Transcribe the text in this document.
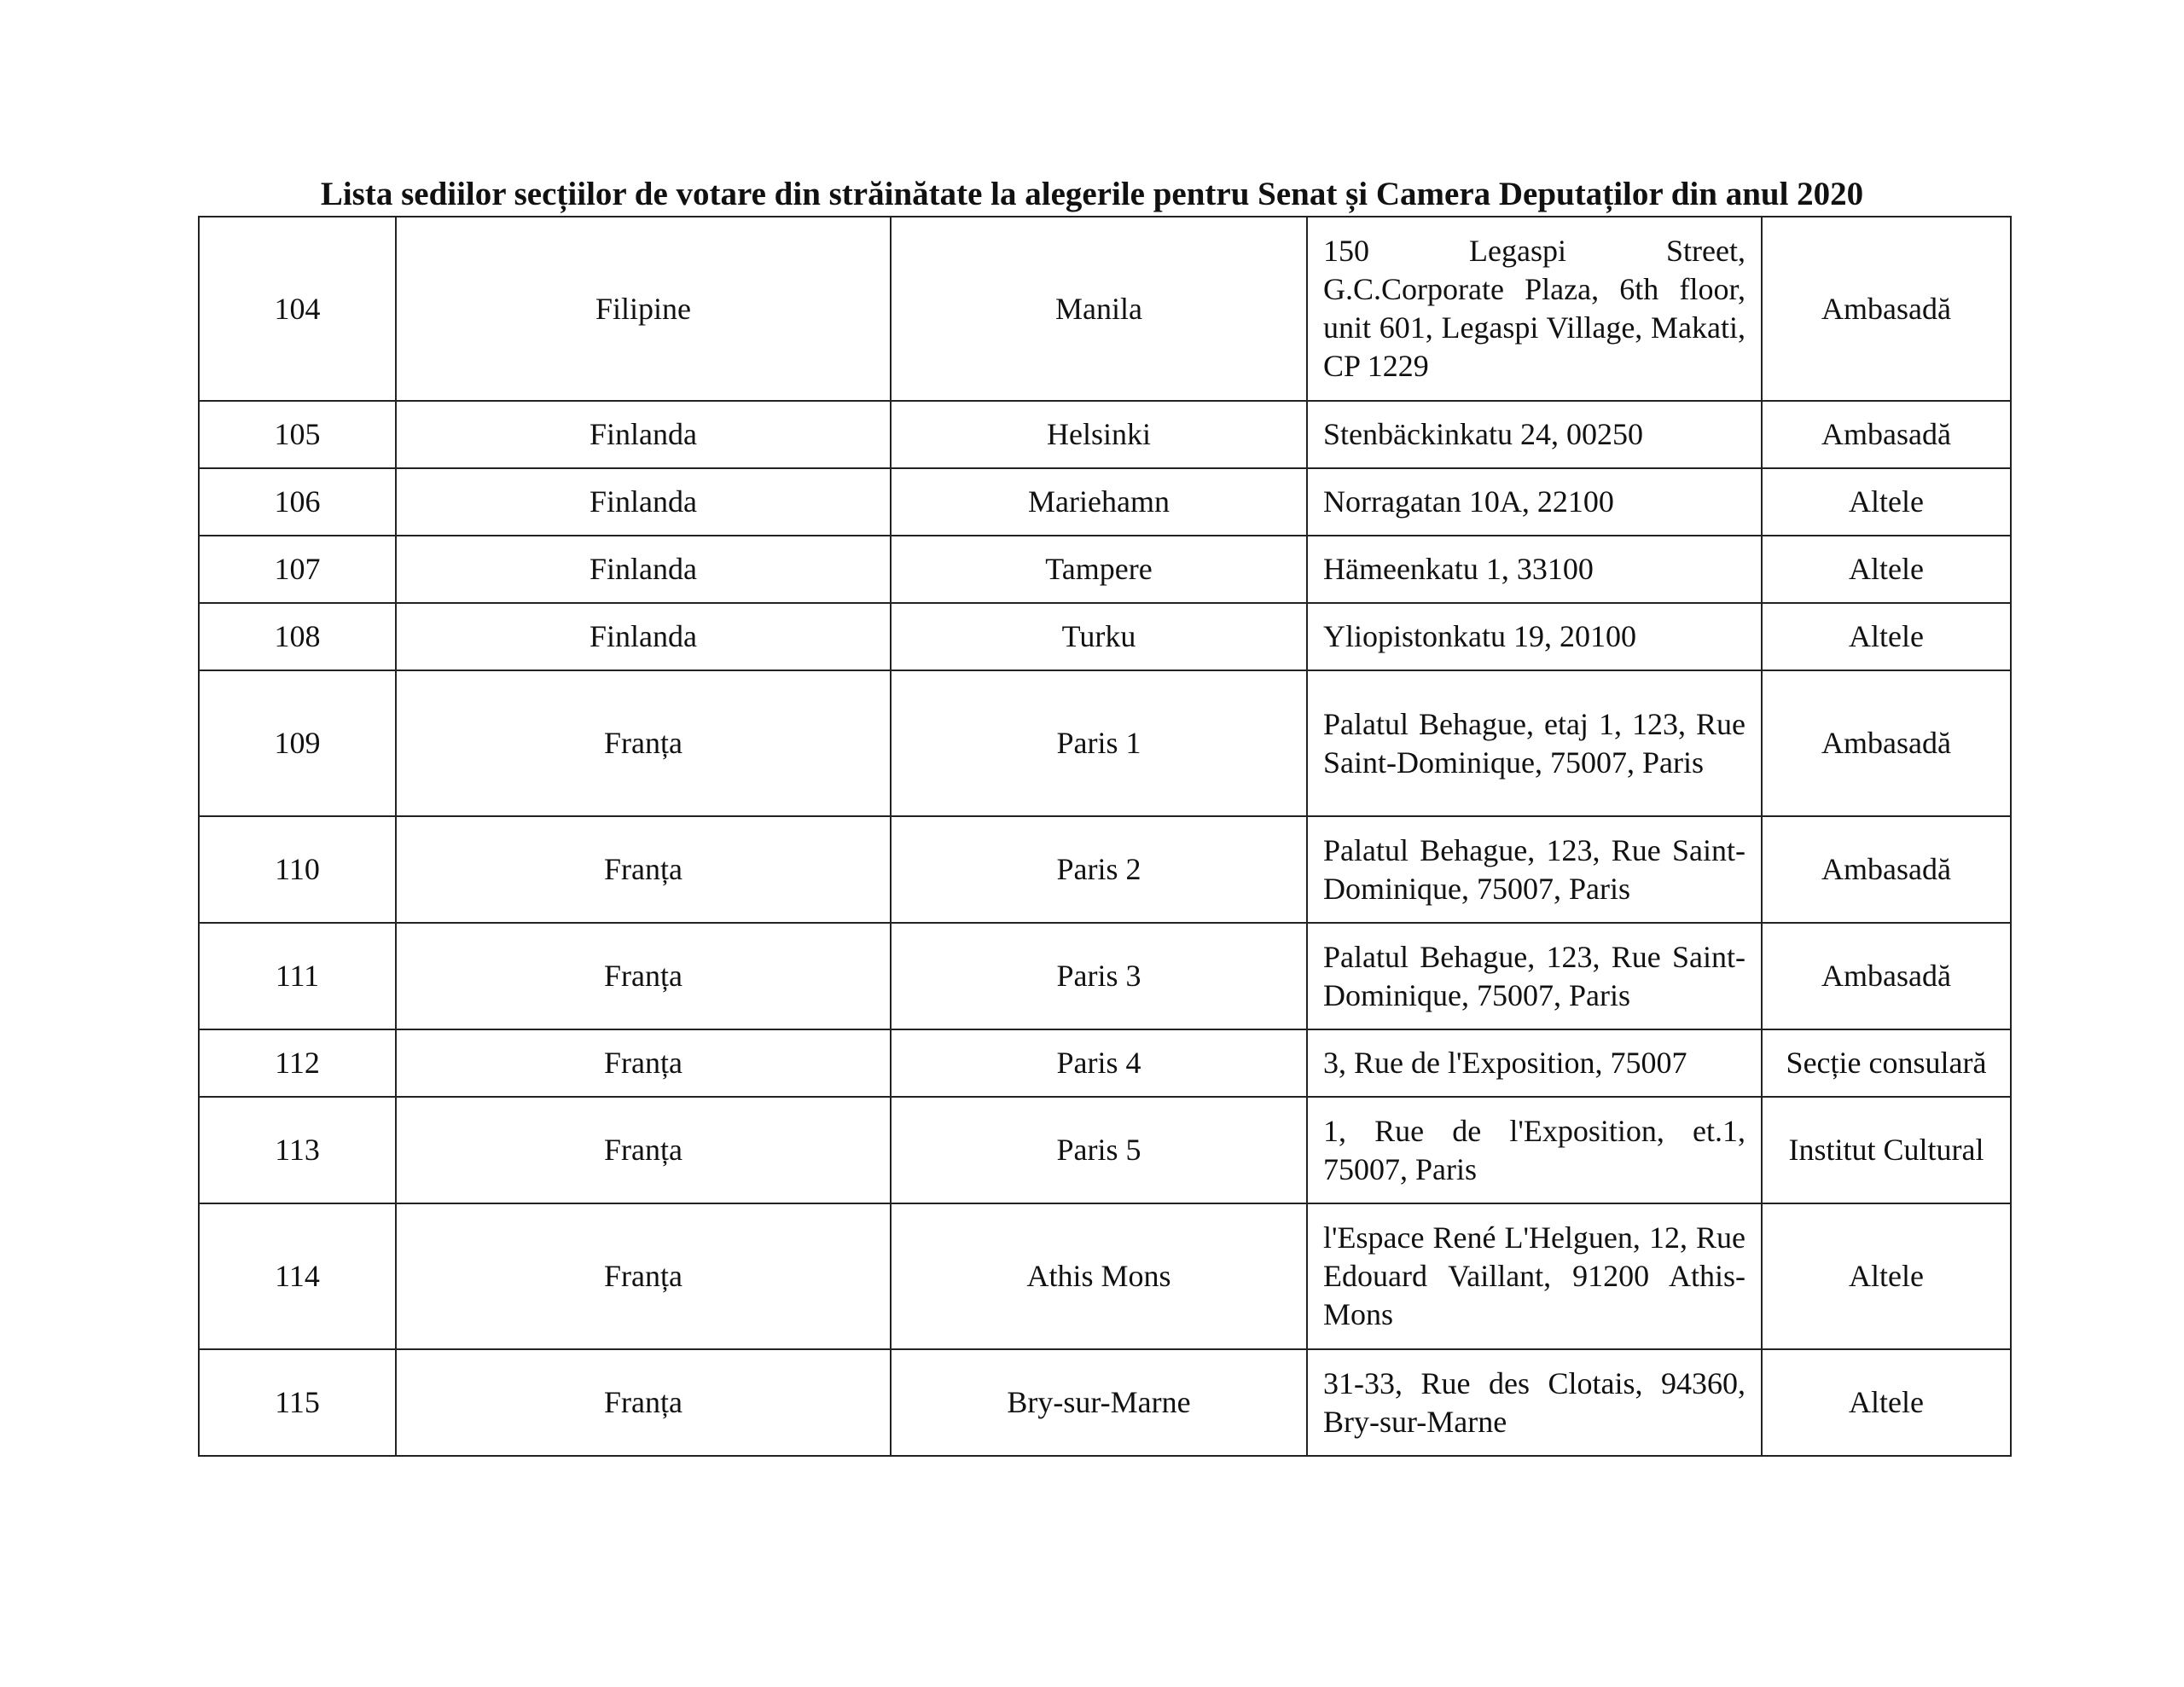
Lista sediilor secțiilor de votare din străinătate la alegerile pentru Senat și Camera Deputaților din anul 2020
104	Filipine	Manila	150 Legaspi Street, G.C.Corporate Plaza, 6th floor, unit 601, Legaspi Village, Makati, CP 1229	Ambasadă
105	Finlanda	Helsinki	Stenbäckinkatu 24, 00250	Ambasadă
106	Finlanda	Mariehamn	Norragatan 10A, 22100	Altele
107	Finlanda	Tampere	Hämeenkatu 1, 33100	Altele
108	Finlanda	Turku	Yliopistonkatu 19, 20100	Altele
109	Franța	Paris 1	Palatul Behague, etaj 1, 123, Rue Saint-Dominique, 75007, Paris	Ambasadă
110	Franța	Paris 2	Palatul Behague, 123, Rue Saint-Dominique, 75007, Paris	Ambasadă
111	Franța	Paris 3	Palatul Behague, 123, Rue Saint-Dominique, 75007, Paris	Ambasadă
112	Franța	Paris 4	3, Rue de l'Exposition, 75007	Secție consulară
113	Franța	Paris 5	1, Rue de l'Exposition, et.1, 75007, Paris	Institut Cultural
114	Franța	Athis Mons	l'Espace René L'Helguen, 12, Rue Edouard Vaillant, 91200 Athis-Mons	Altele
115	Franța	Bry-sur-Marne	31-33, Rue des Clotais, 94360, Bry-sur-Marne	Altele
